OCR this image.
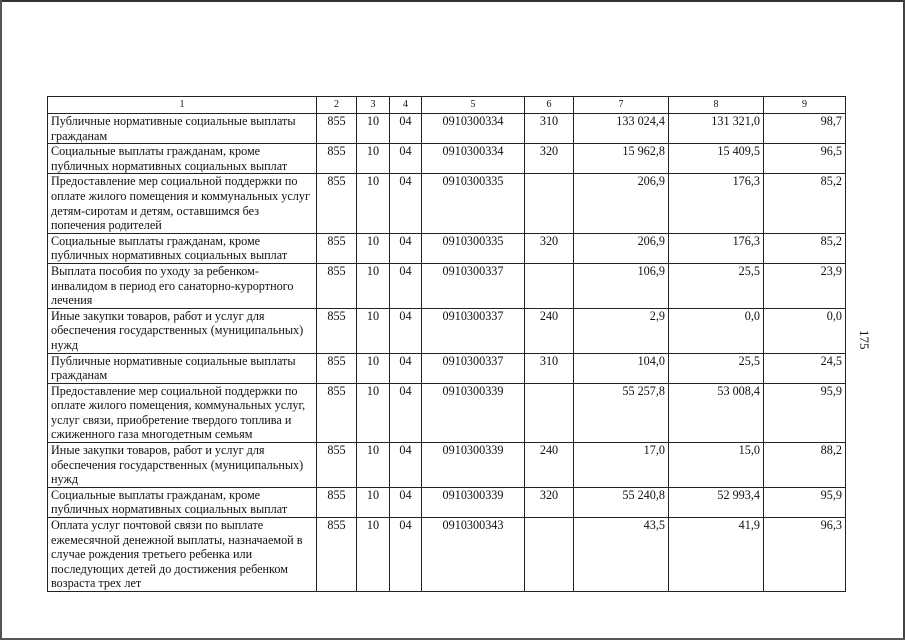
1	2	3	4	5	6	7	8	9
Публичные нормативные социальные выплаты гражданам	855	10	04	0910300334	310	133 024,4	131 321,0	98,7
Социальные выплаты гражданам, кроме публичных нормативных социальных выплат	855	10	04	0910300334	320	15 962,8	15 409,5	96,5
Предоставление мер социальной поддержки по оплате жилого помещения и коммунальных услуг детям-сиротам и детям, оставшимся без попечения родителей	855	10	04	0910300335		206,9	176,3	85,2
Социальные выплаты гражданам, кроме публичных нормативных социальных выплат	855	10	04	0910300335	320	206,9	176,3	85,2
Выплата пособия по уходу за ребенком-инвалидом в период его санаторно-курортного лечения	855	10	04	0910300337		106,9	25,5	23,9
Иные закупки товаров, работ и услуг для обеспечения государственных (муниципальных) нужд	855	10	04	0910300337	240	2,9	0,0	0,0
Публичные нормативные социальные выплаты гражданам	855	10	04	0910300337	310	104,0	25,5	24,5
Предоставление мер социальной поддержки по оплате жилого помещения, коммунальных услуг, услуг связи, приобретение твердого топлива и сжиженного газа многодетным семьям	855	10	04	0910300339		55 257,8	53 008,4	95,9
Иные закупки товаров, работ и услуг для обеспечения государственных (муниципальных) нужд	855	10	04	0910300339	240	17,0	15,0	88,2
Социальные выплаты гражданам, кроме публичных нормативных социальных выплат	855	10	04	0910300339	320	55 240,8	52 993,4	95,9
Оплата услуг почтовой связи по выплате ежемесячной денежной выплаты, назначаемой в случае рождения третьего ребенка или последующих детей до достижения ребенком возраста трех лет	855	10	04	0910300343		43,5	41,9	96,3
175
